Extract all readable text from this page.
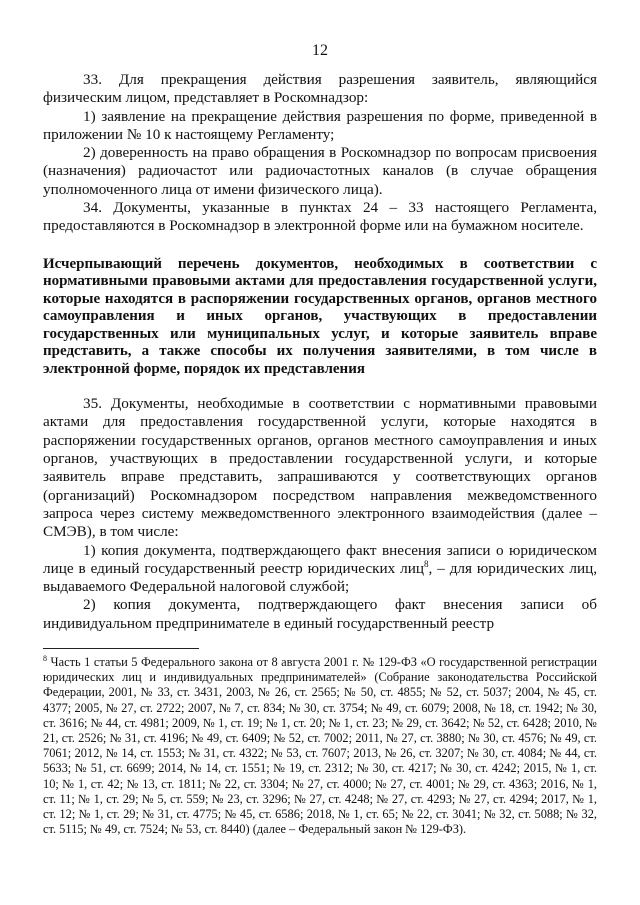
12

33. Для прекращения действия разрешения заявитель, являющийся физическим лицом, представляет в Роскомнадзор:

1) заявление на прекращение действия разрешения по форме, приведенной в приложении № 10 к настоящему Регламенту;

2) доверенность на право обращения в Роскомнадзор по вопросам присвоения (назначения) радиочастот или радиочастотных каналов (в случае обращения уполномоченного лица от имени физического лица).

34. Документы, указанные в пунктах 24 – 33 настоящего Регламента, предоставляются в Роскомнадзор в электронной форме или на бумажном носителе.

Исчерпывающий перечень документов, необходимых в соответствии с нормативными правовыми актами для предоставления государственной услуги, которые находятся в распоряжении государственных органов, органов местного самоуправления и иных органов, участвующих в предоставлении государственных или муниципальных услуг, и которые заявитель вправе представить, а также способы их получения заявителями, в том числе в электронной форме, порядок их представления

35. Документы, необходимые в соответствии с нормативными правовыми актами для предоставления государственной услуги, которые находятся в распоряжении государственных органов, органов местного самоуправления и иных органов, участвующих в предоставлении государственной услуги, и которые заявитель вправе представить, запрашиваются у соответствующих органов (организаций) Роскомнадзором посредством направления межведомственного запроса через систему межведомственного электронного взаимодействия (далее – СМЭВ), в том числе:

1) копия документа, подтверждающего факт внесения записи о юридическом лице в единый государственный реестр юридических лиц$^8$, – для юридических лиц, выдаваемого Федеральной налоговой службой;

2) копия документа, подтверждающего факт внесения записи об индивидуальном предпринимателе в единый государственный реестр

$^8$ Часть 1 статьи 5 Федерального закона от 8 августа 2001 г. № 129-ФЗ «О государственной регистрации юридических лиц и индивидуальных предпринимателей» (Собрание законодательства Российской Федерации, 2001, № 33, ст. 3431, 2003, № 26, ст. 2565; № 50, ст. 4855; № 52, ст. 5037; 2004, № 45, ст. 4377; 2005, № 27, ст. 2722; 2007, № 7, ст. 834; № 30, ст. 3754; № 49, ст. 6079; 2008, № 18, ст. 1942; № 30, ст. 3616; № 44, ст. 4981; 2009, № 1, ст. 19; № 1, ст. 20; № 1, ст. 23; № 29, ст. 3642; № 52, ст. 6428; 2010, № 21, ст. 2526; № 31, ст. 4196; № 49, ст. 6409; № 52, ст. 7002; 2011, № 27, ст. 3880; № 30, ст. 4576; № 49, ст. 7061; 2012, № 14, ст. 1553; № 31, ст. 4322; № 53, ст. 7607; 2013, № 26, ст. 3207; № 30, ст. 4084; № 44, ст. 5633; № 51, ст. 6699; 2014, № 14, ст. 1551; № 19, ст. 2312; № 30, ст. 4217; № 30, ст. 4242; 2015, № 1, ст. 10; № 1, ст. 42; № 13, ст. 1811; № 22, ст. 3304; № 27, ст. 4000; № 27, ст. 4001; № 29, ст. 4363; 2016, № 1, ст. 11; № 1, ст. 29; № 5, ст. 559; № 23, ст. 3296; № 27, ст. 4248; № 27, ст. 4293; № 27, ст. 4294; 2017, № 1, ст. 12; № 1, ст. 29; № 31, ст. 4775; № 45, ст. 6586; 2018, № 1, ст. 65; № 22, ст. 3041; № 32, ст. 5088; № 32, ст. 5115; № 49, ст. 7524; № 53, ст. 8440) (далее – Федеральный закон № 129-ФЗ).
